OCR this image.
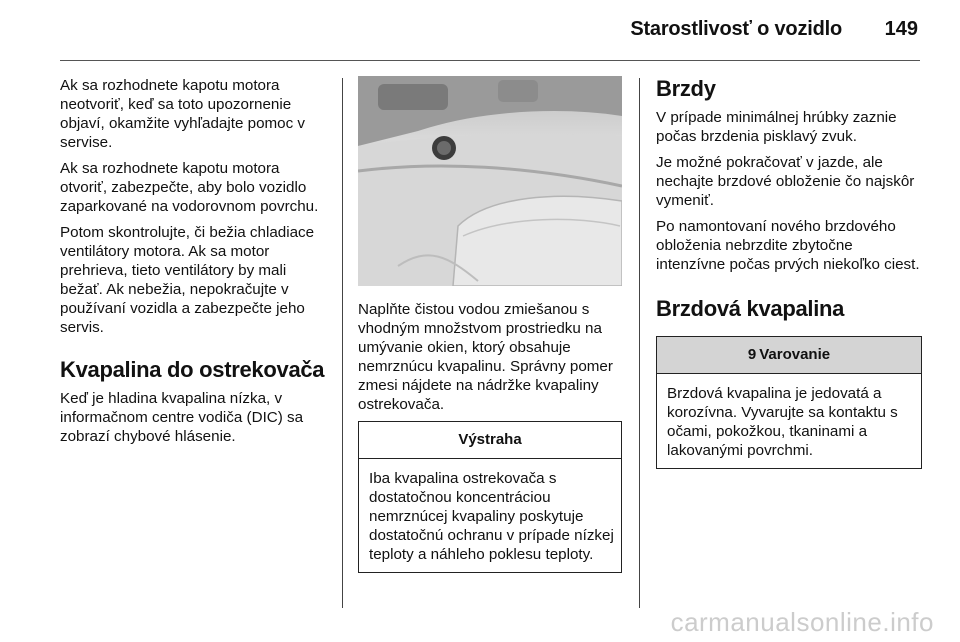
Starostlivosť o vozidlo 149

Ak sa rozhodnete kapotu motora neotvoriť, keď sa toto upozornenie objaví, okamžite vyhľadajte pomoc v servise.

Ak sa rozhodnete kapotu motora otvoriť, zabezpečte, aby bolo vozidlo zaparkované na vodorovnom povrchu.

Potom skontrolujte, či bežia chladiace ventilátory motora. Ak sa motor prehrieva, tieto ventilátory by mali bežať. Ak nebežia, nepokračujte v používaní vozidla a zabezpečte jeho servis.

Kvapalina do ostrekovača

Keď je hladina kvapalina nízka, v informačnom centre vodiča (DIC) sa zobrazí chybové hlásenie.

Naplňte čistou vodou zmiešanou s vhodným množstvom prostriedku na umývanie okien, ktorý obsahuje nemrznúcu kvapalinu. Správny pomer zmesi nájdete na nádržke kvapaliny ostrekovača.

Výstraha

Iba kvapalina ostrekovača s dostatočnou koncentráciou nemrznúcej kvapaliny poskytuje dostatočnú ochranu v prípade nízkej teploty a náhleho poklesu teploty.

Brzdy

V prípade minimálnej hrúbky zaznie počas brzdenia pisklavý zvuk.

Je možné pokračovať v jazde, ale nechajte brzdové obloženie čo najskôr vymeniť.

Po namontovaní nového brzdového obloženia nebrzdite zbytočne intenzívne počas prvých niekoľko ciest.

Brzdová kvapalina
9 Varovanie

Brzdová kvapalina je jedovatá a korozívna. Vyvarujte sa kontaktu s očami, pokožkou, tkaninami a lakovanými povrchmi.

carmanualsonline.info
